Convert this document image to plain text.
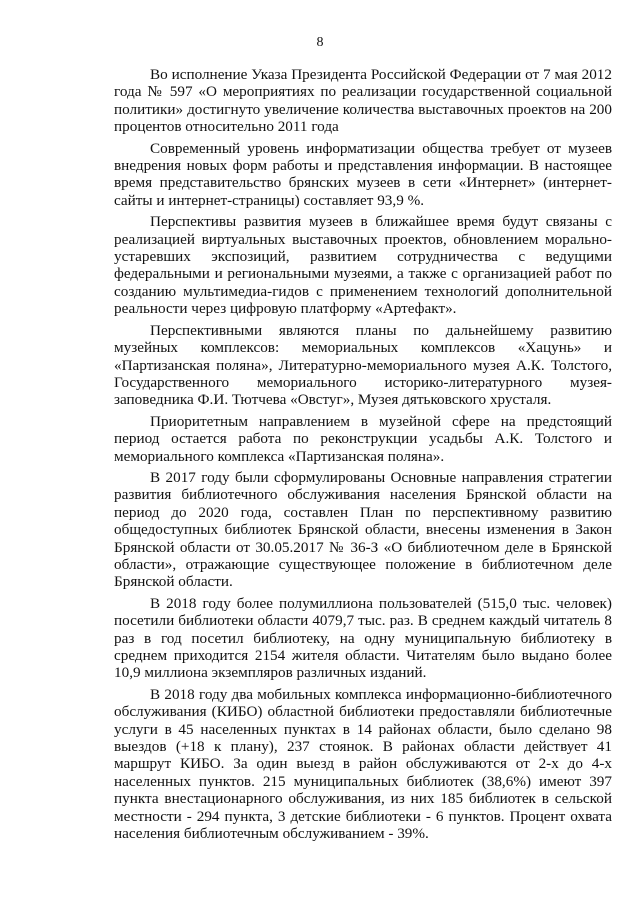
8

Во исполнение Указа Президента Российской Федерации от 7 мая 2012 года № 597 «О мероприятиях по реализации государственной социальной политики» достигнуто увеличение количества выставочных проектов на 200 процентов относительно 2011 года

Современный уровень информатизации общества требует от музеев внедрения новых форм работы и представления информации. В настоящее время представительство брянских музеев в сети «Интернет» (интернет-сайты и интернет-страницы) составляет 93,9 %.

Перспективы развития музеев в ближайшее время будут связаны с реализацией виртуальных выставочных проектов, обновлением морально-устаревших экспозиций, развитием сотрудничества с ведущими федеральными и региональными музеями, а также с организацией работ по созданию мультимедиа-гидов с применением технологий дополнительной реальности через цифровую платформу «Артефакт».

Перспективными являются планы по дальнейшему развитию музейных комплексов: мемориальных комплексов «Хацунь» и «Партизанская поляна», Литературно-мемориального музея А.К. Толстого, Государственного мемориального историко-литературного музея-заповедника Ф.И. Тютчева «Овстуг», Музея дятьковского хрусталя.

Приоритетным направлением в музейной сфере на предстоящий период остается работа по реконструкции усадьбы А.К. Толстого и мемориального комплекса «Партизанская поляна».

В 2017 году были сформулированы Основные направления стратегии развития библиотечного обслуживания населения Брянской области на период до 2020 года, составлен План по перспективному развитию общедоступных библиотек Брянской области, внесены изменения в Закон Брянской области от 30.05.2017 № 36-З «О библиотечном деле в Брянской области», отражающие существующее положение в библиотечном деле Брянской области.

В 2018 году более полумиллиона пользователей (515,0 тыс. человек) посетили библиотеки области 4079,7 тыс. раз. В среднем каждый читатель 8 раз в год посетил библиотеку, на одну муниципальную библиотеку в среднем приходится 2154 жителя области. Читателям было выдано более 10,9 миллиона экземпляров различных изданий.

В 2018 году два мобильных комплекса информационно-библиотечного обслуживания (КИБО) областной библиотеки предоставляли библиотечные услуги в 45 населенных пунктах в 14 районах области, было сделано 98 выездов (+18 к плану), 237 стоянок. В районах области действует 41 маршрут КИБО. За один выезд в район обслуживаются от 2-х до 4-х населенных пунктов. 215 муниципальных библиотек (38,6%) имеют 397 пункта внестационарного обслуживания, из них 185 библиотек в сельской местности - 294 пункта, 3 детские библиотеки - 6 пунктов. Процент охвата населения библиотечным обслуживанием - 39%.
